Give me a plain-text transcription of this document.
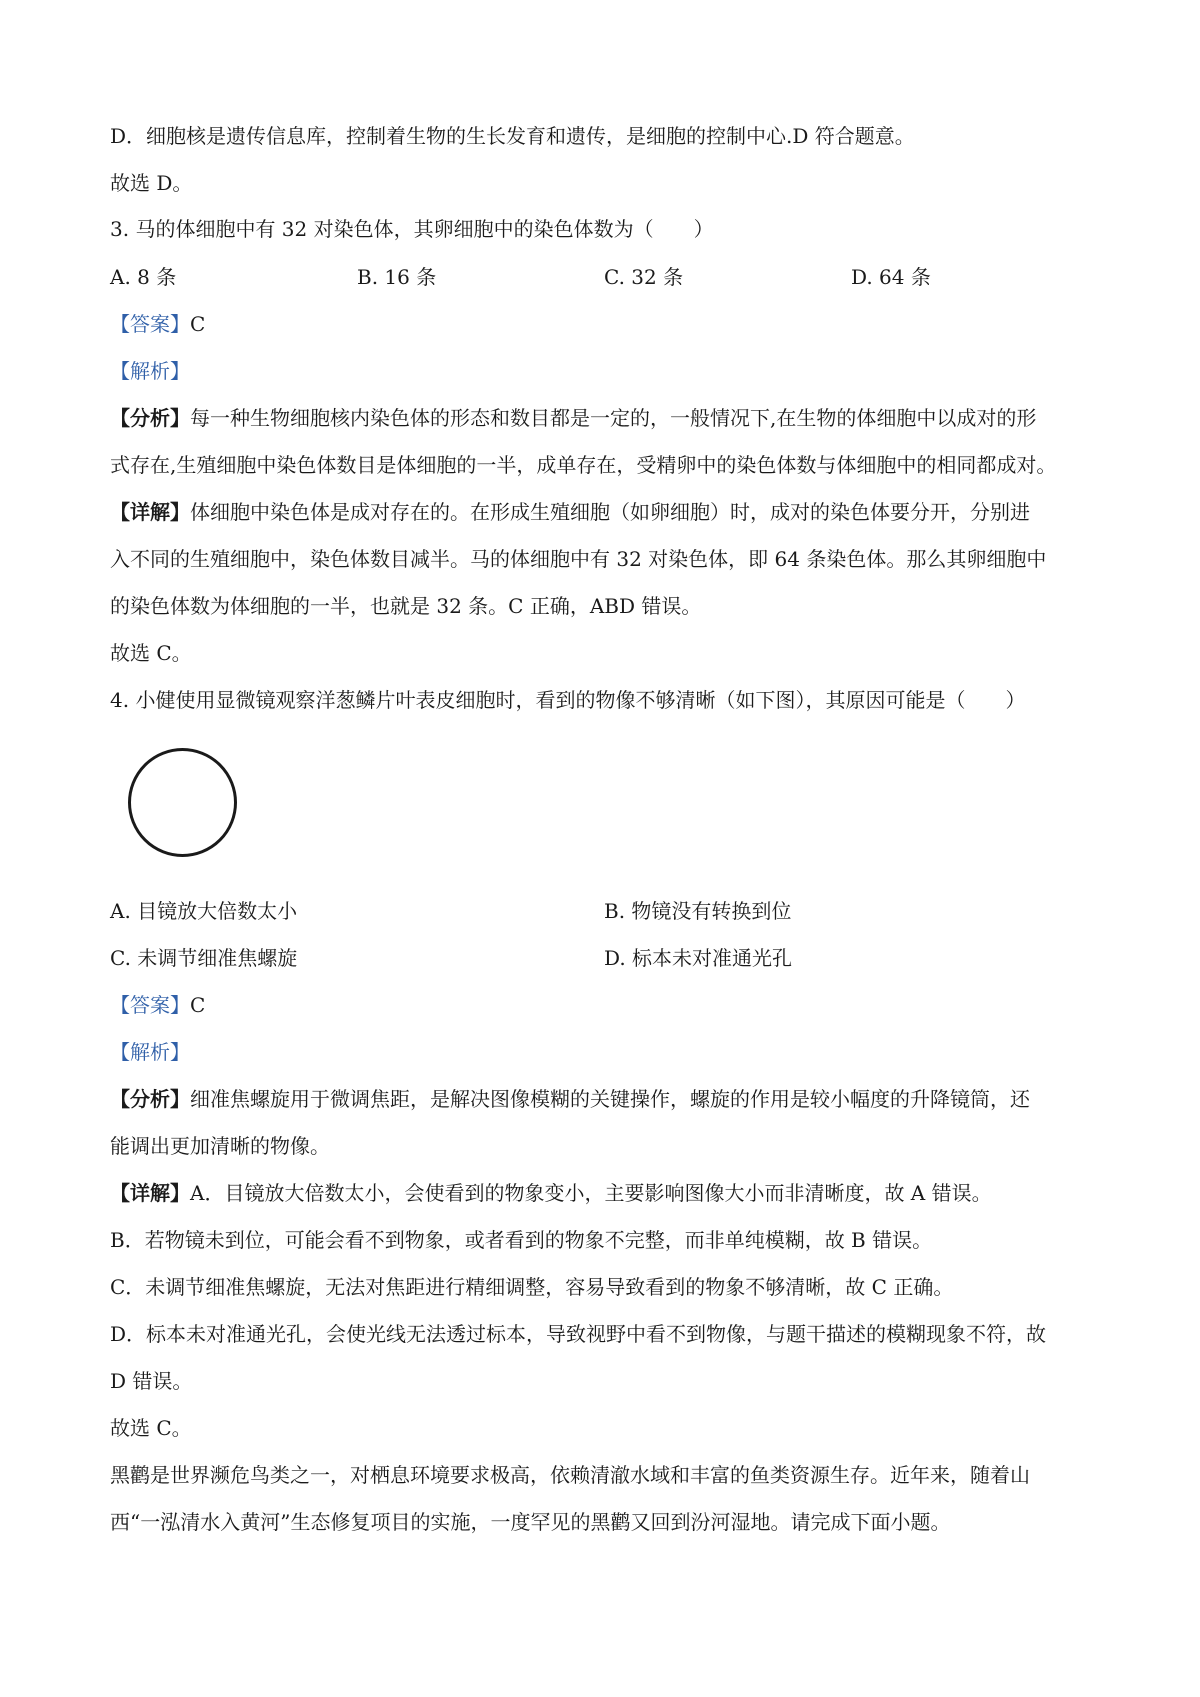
D．细胞核是遗传信息库，控制着生物的生长发育和遗传，是细胞的控制中心.D 符合题意。
故选 D。
3. 马的体细胞中有 32 对染色体，其卵细胞中的染色体数为（　　）
A. 8 条	B. 16 条	C. 32 条	D. 64 条
【答案】C
【解析】
【分析】每一种生物细胞核内染色体的形态和数目都是一定的，一般情况下,在生物的体细胞中以成对的形
式存在,生殖细胞中染色体数目是体细胞的一半，成单存在，受精卵中的染色体数与体细胞中的相同都成对。
【详解】体细胞中染色体是成对存在的。在形成生殖细胞（如卵细胞）时，成对的染色体要分开，分别进
入不同的生殖细胞中，染色体数目减半。马的体细胞中有 32 对染色体，即 64 条染色体。那么其卵细胞中
的染色体数为体细胞的一半，也就是 32 条。C 正确，ABD 错误。
故选 C。
4. 小健使用显微镜观察洋葱鳞片叶表皮细胞时，看到的物像不够清晰（如下图），其原因可能是（　　）
A. 目镜放大倍数太小	B. 物镜没有转换到位
C. 未调节细准焦螺旋	D. 标本未对准通光孔
【答案】C
【解析】
【分析】细准焦螺旋用于微调焦距，是解决图像模糊的关键操作，螺旋的作用是较小幅度的升降镜筒，还
能调出更加清晰的物像。
【详解】A．目镜放大倍数太小，会使看到的物象变小，主要影响图像大小而非清晰度，故 A 错误。
B．若物镜未到位，可能会看不到物象，或者看到的物象不完整，而非单纯模糊，故 B 错误。
C．未调节细准焦螺旋，无法对焦距进行精细调整，容易导致看到的物象不够清晰，故 C 正确。
D．标本未对准通光孔，会使光线无法透过标本，导致视野中看不到物像，与题干描述的模糊现象不符，故
D 错误。
故选 C。
黑鹳是世界濒危鸟类之一，对栖息环境要求极高，依赖清澈水域和丰富的鱼类资源生存。近年来，随着山
西“一泓清水入黄河”生态修复项目的实施，一度罕见的黑鹳又回到汾河湿地。请完成下面小题。
